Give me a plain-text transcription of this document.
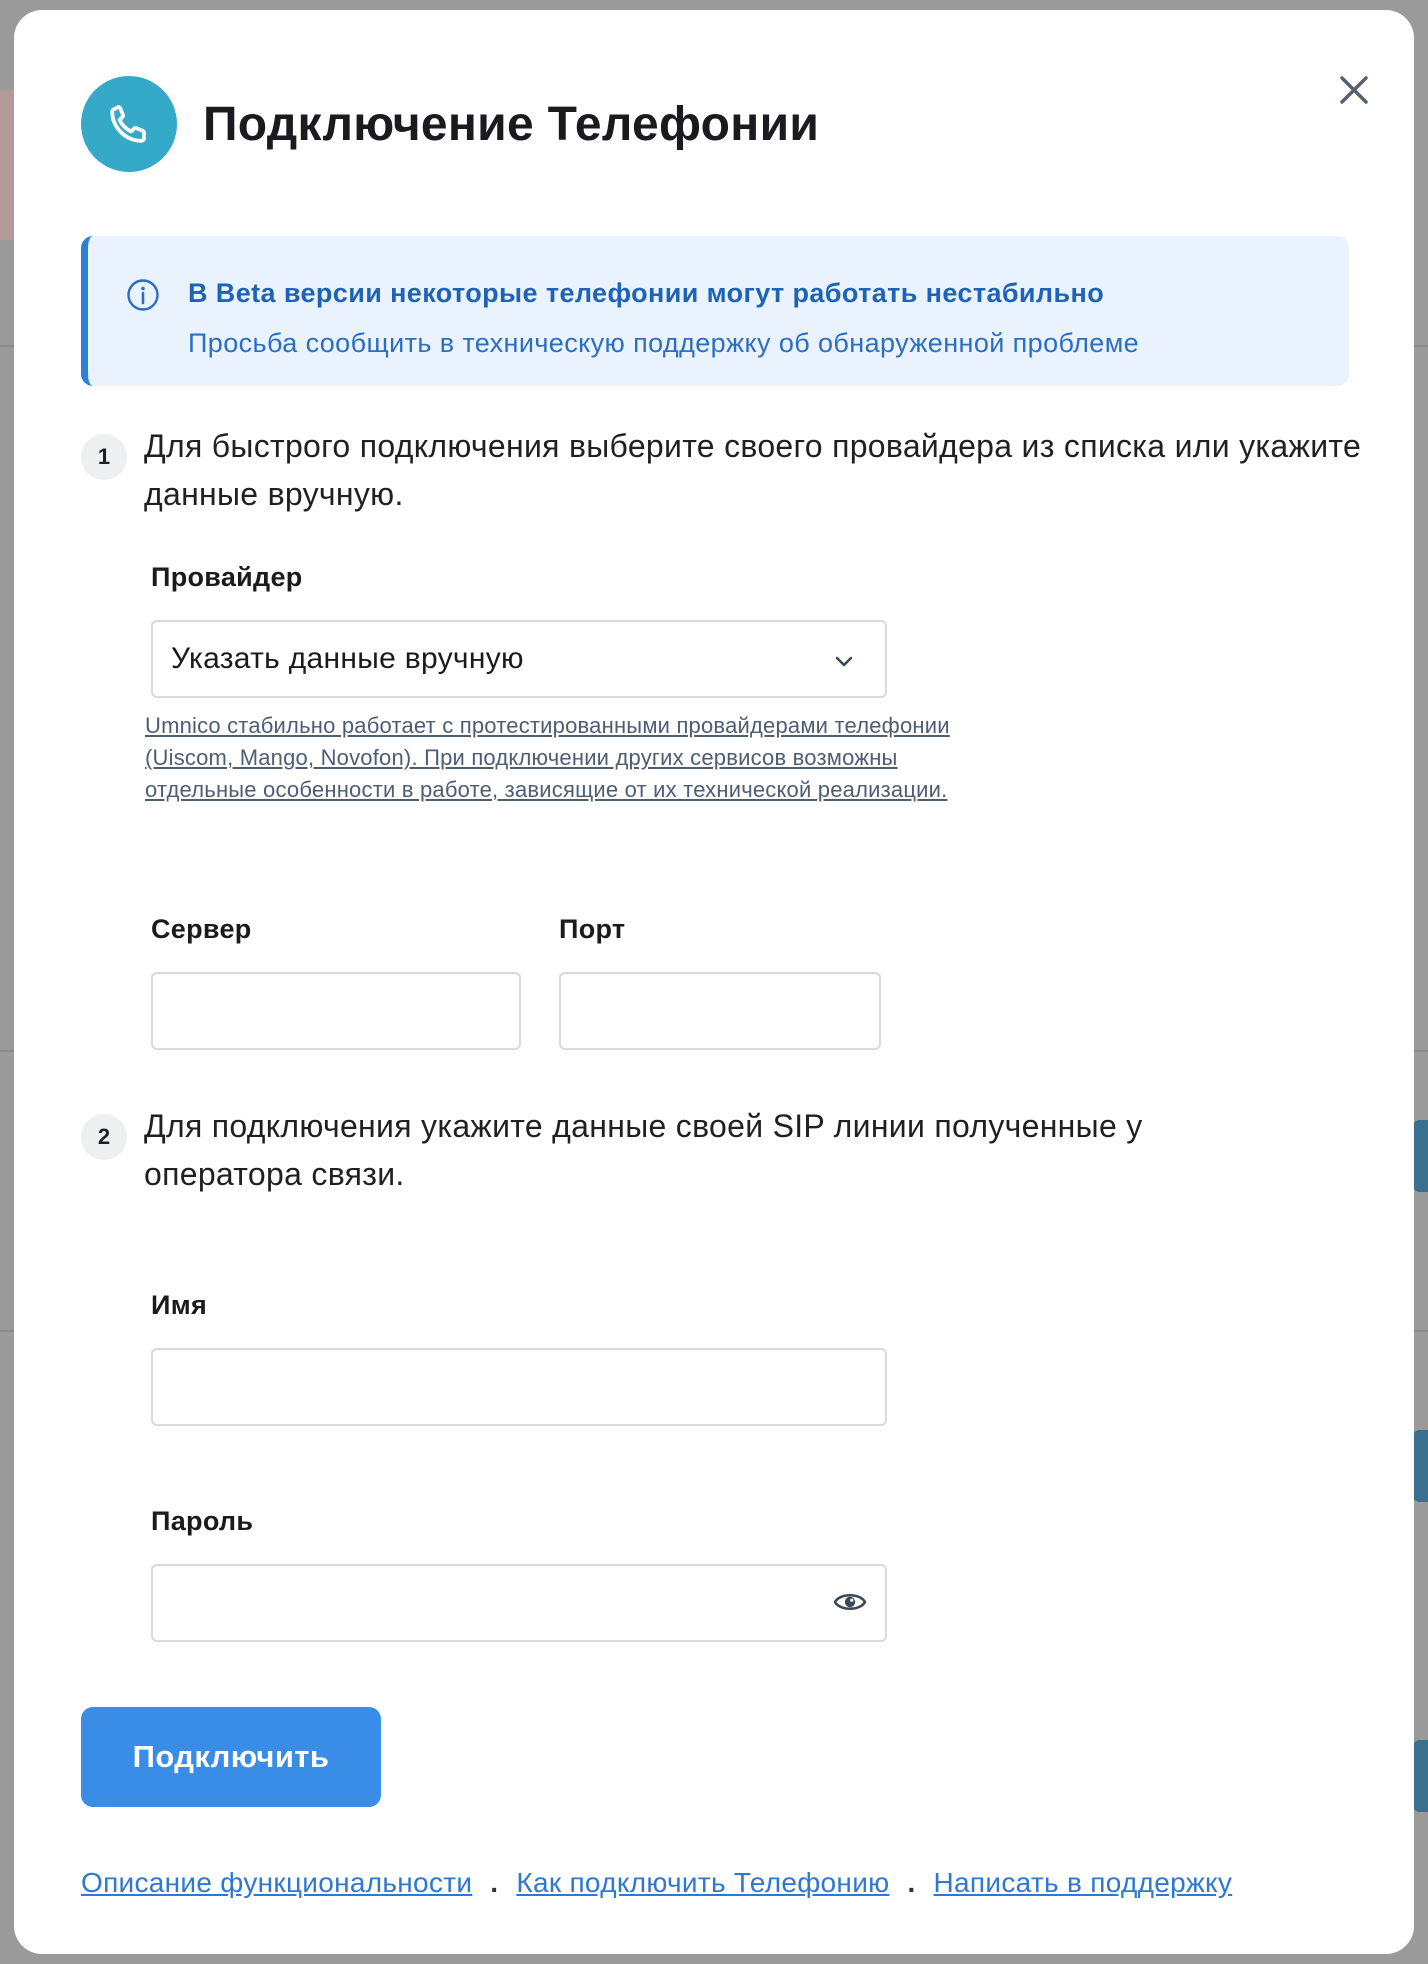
Подключение Телефонии
В Beta версии некоторые телефонии могут работать нестабильно
Просьба сообщить в техническую поддержку об обнаруженной проблеме
1	Для быстрого подключения выберите своего провайдера из списка или укажите данные вручную.
Провайдер
Указать данные вручную
Umnico стабильно работает с протестированными провайдерами телефонии (Uiscom, Mango, Novofon). При подключении других сервисов возможны отдельные особенности в работе, зависящие от их технической реализации.
Сервер	Порт
2	Для подключения укажите данные своей SIP линии полученные у оператора связи.
Имя
Пароль
Подключить
Описание функциональности . Как подключить Телефонию . Написать в поддержку
